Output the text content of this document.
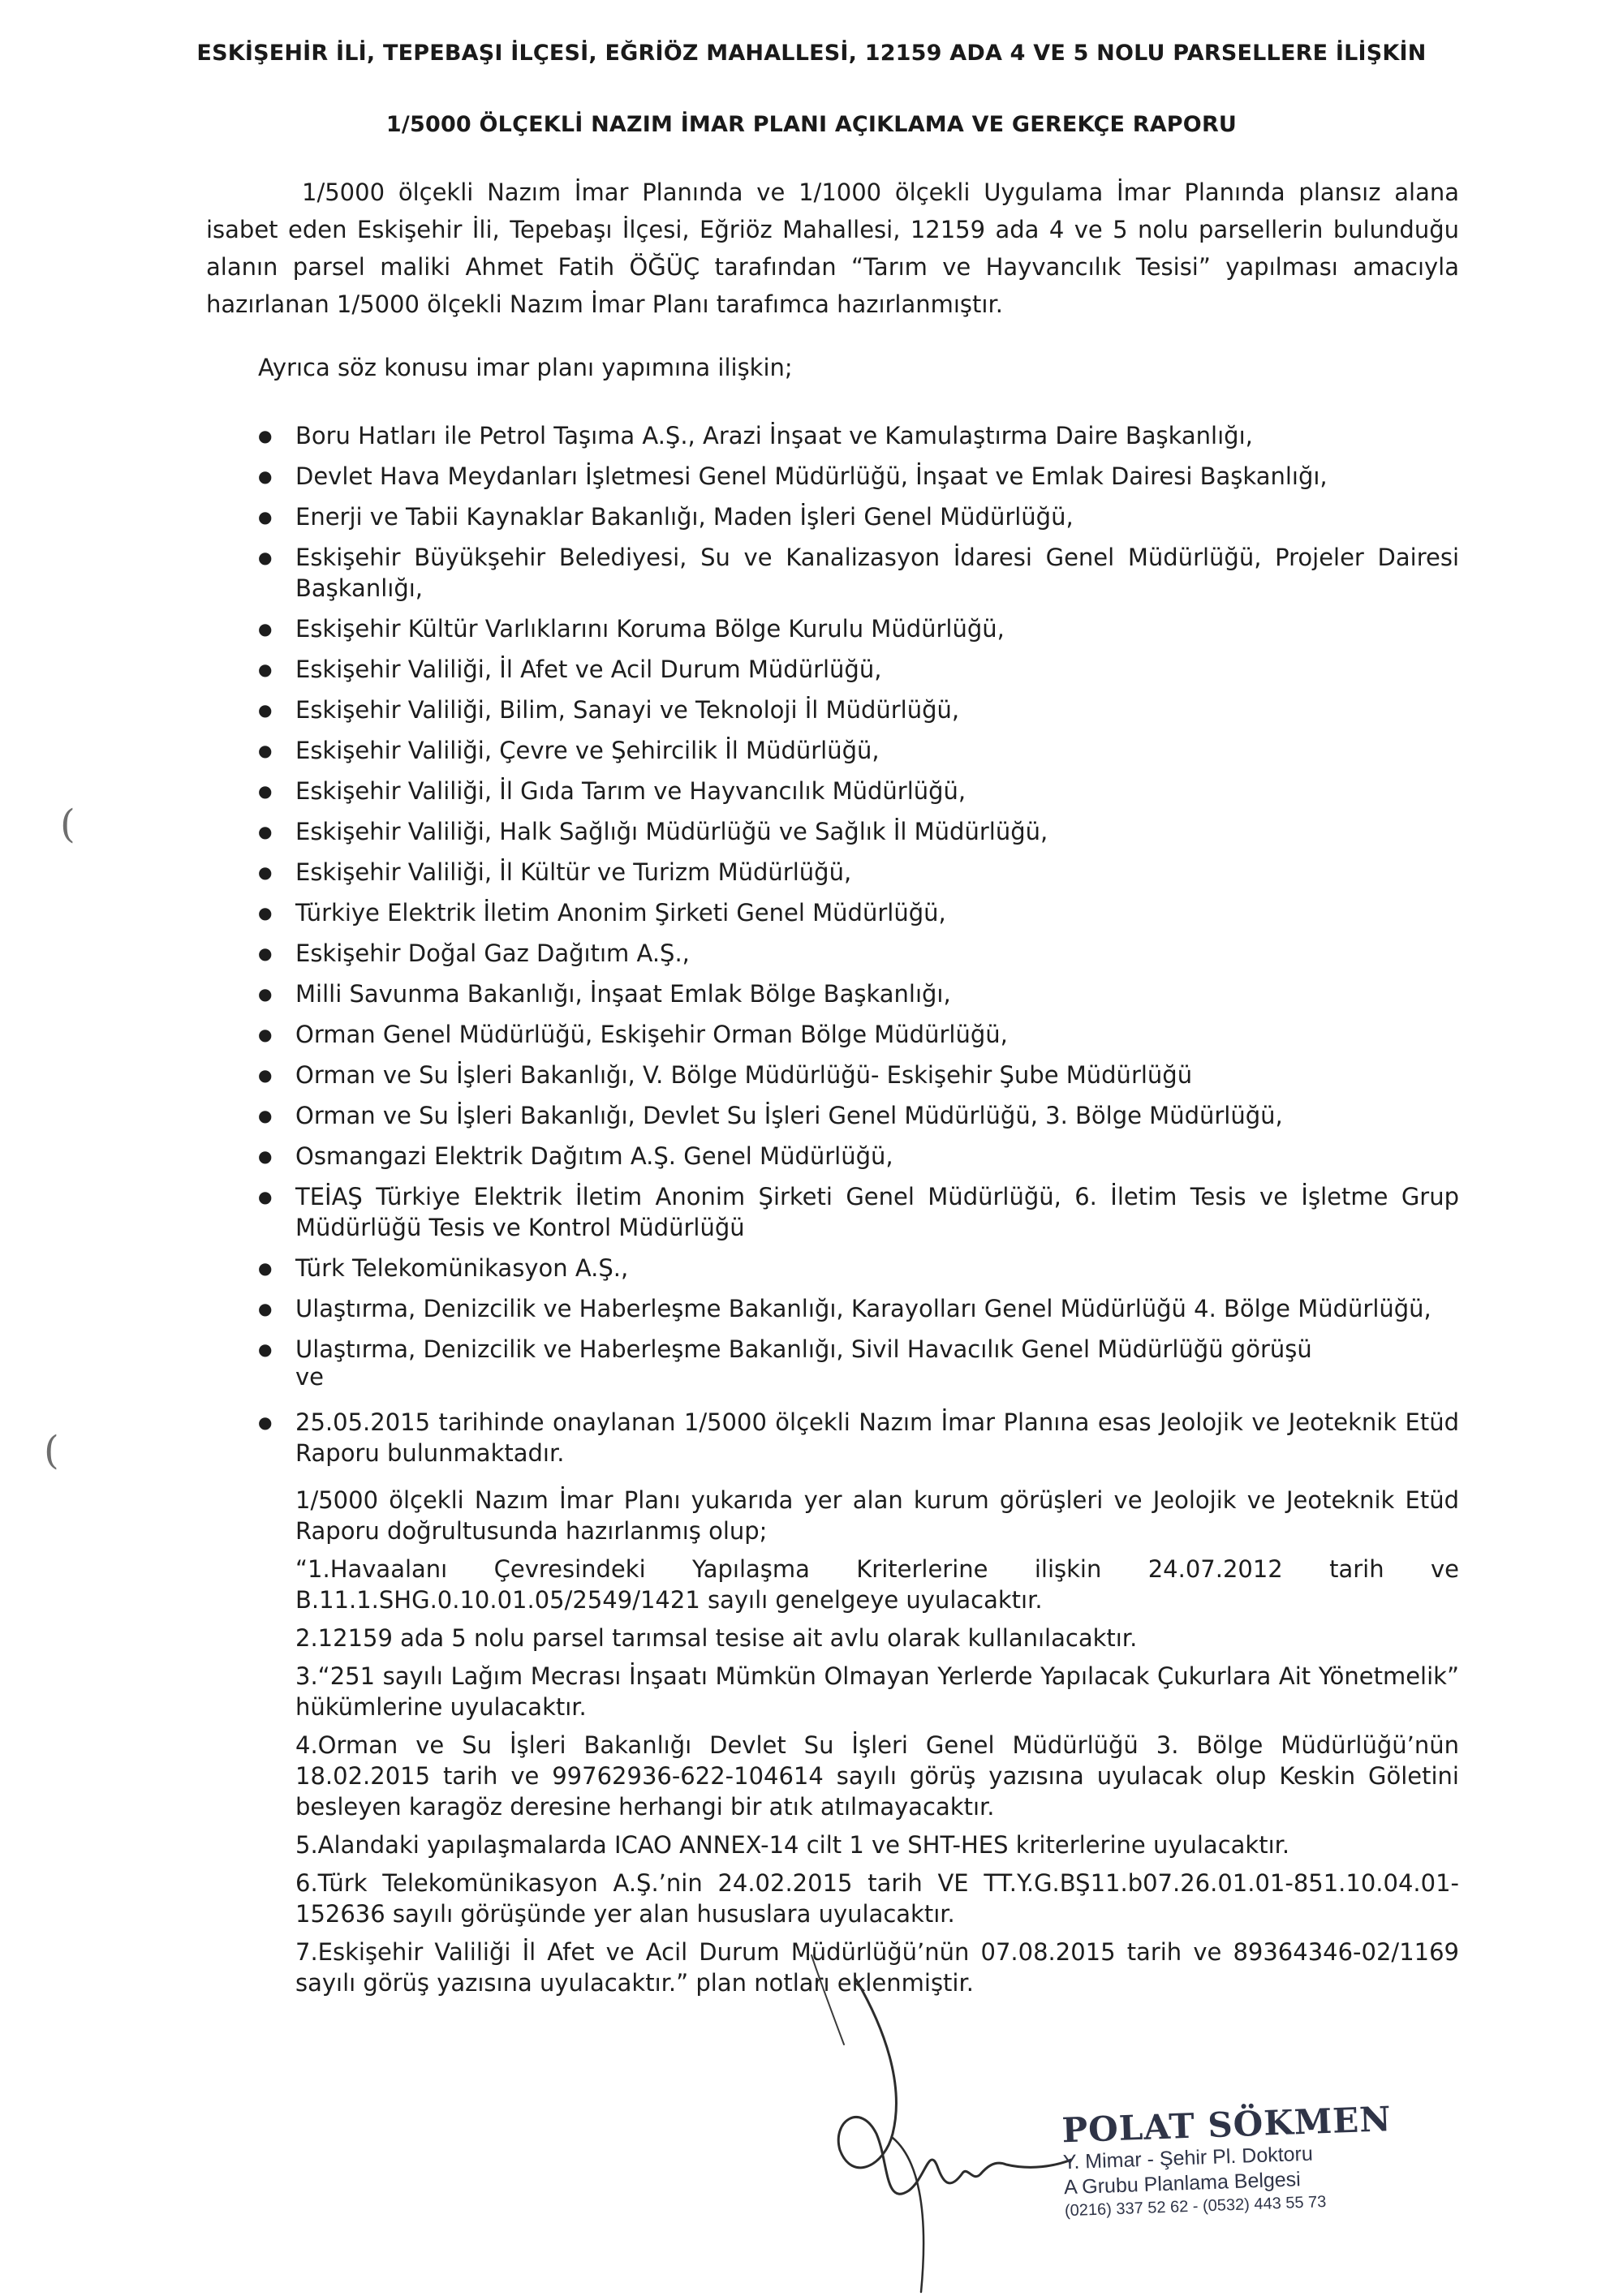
ESKİŞEHİR İLİ, TEPEBAŞI İLÇESİ, EĞRİÖZ MAHALLESİ, 12159 ADA 4 VE 5 NOLU PARSELLERE İLİŞKİN
1/5000 ÖLÇEKLİ NAZIM İMAR PLANI AÇIKLAMA VE GEREKÇE RAPORU

1/5000 ölçekli Nazım İmar Planında ve 1/1000 ölçekli Uygulama İmar Planında plansız alana isabet eden Eskişehir İli, Tepebaşı İlçesi, Eğriöz Mahallesi, 12159 ada 4 ve 5 nolu parsellerin bulunduğu alanın parsel maliki Ahmet Fatih ÖĞÜÇ tarafından “Tarım ve Hayvancılık Tesisi” yapılması amacıyla hazırlanan 1/5000 ölçekli Nazım İmar Planı tarafımca hazırlanmıştır.

Ayrıca söz konusu imar planı yapımına ilişkin;

● Boru Hatları ile Petrol Taşıma A.Ş., Arazi İnşaat ve Kamulaştırma Daire Başkanlığı,
● Devlet Hava Meydanları İşletmesi Genel Müdürlüğü, İnşaat ve Emlak Dairesi Başkanlığı,
● Enerji ve Tabii Kaynaklar Bakanlığı, Maden İşleri Genel Müdürlüğü,
● Eskişehir Büyükşehir Belediyesi, Su ve Kanalizasyon İdaresi Genel Müdürlüğü, Projeler Dairesi Başkanlığı,
● Eskişehir Kültür Varlıklarını Koruma Bölge Kurulu Müdürlüğü,
● Eskişehir Valiliği, İl Afet ve Acil Durum Müdürlüğü,
● Eskişehir Valiliği, Bilim, Sanayi ve Teknoloji İl Müdürlüğü,
● Eskişehir Valiliği, Çevre ve Şehircilik İl Müdürlüğü,
● Eskişehir Valiliği, İl Gıda Tarım ve Hayvancılık Müdürlüğü,
● Eskişehir Valiliği, Halk Sağlığı Müdürlüğü ve Sağlık İl Müdürlüğü,
● Eskişehir Valiliği, İl Kültür ve Turizm Müdürlüğü,
● Türkiye Elektrik İletim Anonim Şirketi Genel Müdürlüğü,
● Eskişehir Doğal Gaz Dağıtım A.Ş.,
● Milli Savunma Bakanlığı, İnşaat Emlak Bölge Başkanlığı,
● Orman Genel Müdürlüğü, Eskişehir Orman Bölge Müdürlüğü,
● Orman ve Su İşleri Bakanlığı, V. Bölge Müdürlüğü- Eskişehir Şube Müdürlüğü
● Orman ve Su İşleri Bakanlığı, Devlet Su İşleri Genel Müdürlüğü, 3. Bölge Müdürlüğü,
● Osmangazi Elektrik Dağıtım A.Ş. Genel Müdürlüğü,
● TEİAŞ Türkiye Elektrik İletim Anonim Şirketi Genel Müdürlüğü, 6. İletim Tesis ve İşletme Grup Müdürlüğü Tesis ve Kontrol Müdürlüğü
● Türk Telekomünikasyon A.Ş.,
● Ulaştırma, Denizcilik ve Haberleşme Bakanlığı, Karayolları Genel Müdürlüğü 4. Bölge Müdürlüğü,
● Ulaştırma, Denizcilik ve Haberleşme Bakanlığı, Sivil Havacılık Genel Müdürlüğü görüşü
ve
● 25.05.2015 tarihinde onaylanan 1/5000 ölçekli Nazım İmar Planına esas Jeolojik ve Jeoteknik Etüd Raporu bulunmaktadır.

1/5000 ölçekli Nazım İmar Planı yukarıda yer alan kurum görüşleri ve Jeolojik ve Jeoteknik Etüd Raporu doğrultusunda hazırlanmış olup;

“1.Havaalanı Çevresindeki Yapılaşma Kriterlerine ilişkin 24.07.2012 tarih ve B.11.1.SHG.0.10.01.05/2549/1421 sayılı genelgeye uyulacaktır.

2.12159 ada 5 nolu parsel tarımsal tesise ait avlu olarak kullanılacaktır.

3.“251 sayılı Lağım Mecrası İnşaatı Mümkün Olmayan Yerlerde Yapılacak Çukurlara Ait Yönetmelik” hükümlerine uyulacaktır.

4.Orman ve Su İşleri Bakanlığı Devlet Su İşleri Genel Müdürlüğü 3. Bölge Müdürlüğü’nün 18.02.2015 tarih ve 99762936-622-104614 sayılı görüş yazısına uyulacak olup Keskin Göletini besleyen karagöz deresine herhangi bir atık atılmayacaktır.

5.Alandaki yapılaşmalarda ICAO ANNEX-14 cilt 1 ve SHT-HES kriterlerine uyulacaktır.

6.Türk Telekomünikasyon A.Ş.’nin 24.02.2015 tarih VE TT.Y.G.BŞ11.b07.26.01.01-851.10.04.01-152636 sayılı görüşünde yer alan hususlara uyulacaktır.

7.Eskişehir Valiliği İl Afet ve Acil Durum Müdürlüğü’nün 07.08.2015 tarih ve 89364346-02/1169 sayılı görüş yazısına uyulacaktır.” plan notları eklenmiştir.

(
(
POLAT SÖKMEN
Y. Mimar - Şehir Pl. Doktoru
A Grubu Planlama Belgesi
(0216) 337 52 62 - (0532) 443 55 73
